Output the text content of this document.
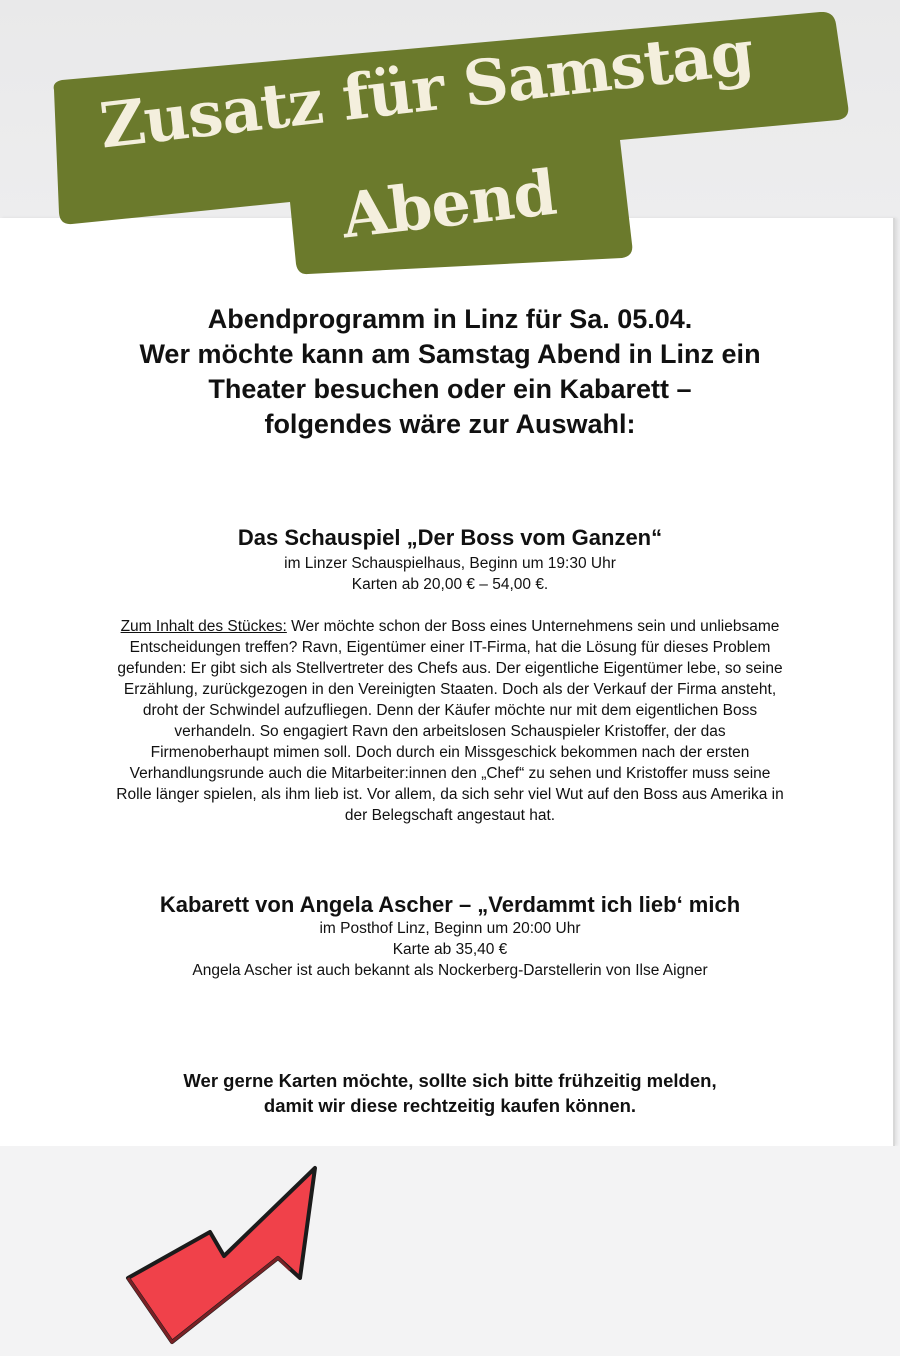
Zusatz für Samstag
Abend
Abendprogramm in Linz für Sa. 05.04.
Wer möchte kann am Samstag Abend in Linz ein
Theater besuchen oder ein Kabarett –
folgendes wäre zur Auswahl:
Das Schauspiel „Der Boss vom Ganzen“
im Linzer Schauspielhaus, Beginn um 19:30 Uhr
Karten ab 20,00 € – 54,00 €.
Zum Inhalt des Stückes: Wer möchte schon der Boss eines Unternehmens sein und unliebsame
Entscheidungen treffen? Ravn, Eigentümer einer IT-Firma, hat die Lösung für dieses Problem
gefunden: Er gibt sich als Stellvertreter des Chefs aus. Der eigentliche Eigentümer lebe, so seine
Erzählung, zurückgezogen in den Vereinigten Staaten. Doch als der Verkauf der Firma ansteht,
droht der Schwindel aufzufliegen. Denn der Käufer möchte nur mit dem eigentlichen Boss
verhandeln. So engagiert Ravn den arbeitslosen Schauspieler Kristoffer, der das
Firmenoberhaupt mimen soll. Doch durch ein Missgeschick bekommen nach der ersten
Verhandlungsrunde auch die Mitarbeiter:innen den „Chef“ zu sehen und Kristoffer muss seine
Rolle länger spielen, als ihm lieb ist. Vor allem, da sich sehr viel Wut auf den Boss aus Amerika in
der Belegschaft angestaut hat.
Kabarett von Angela Ascher – „Verdammt ich lieb‘ mich
im Posthof Linz, Beginn um 20:00 Uhr
Karte ab 35,40 €
Angela Ascher ist auch bekannt als Nockerberg-Darstellerin von Ilse Aigner
Wer gerne Karten möchte, sollte sich bitte frühzeitig melden,
damit wir diese rechtzeitig kaufen können.
